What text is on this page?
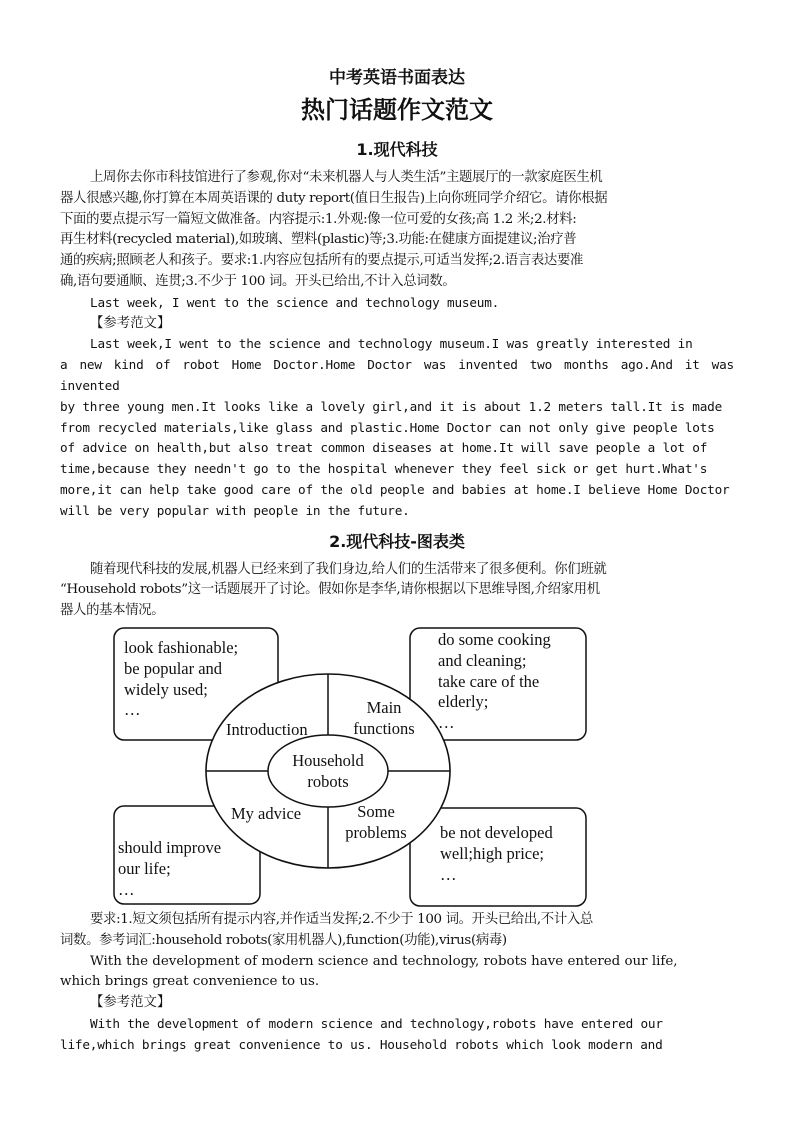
中考英语书面表达

热门话题作文范文

1.现代科技

上周你去你市科技馆进行了参观,你对“未来机器人与人类生活”主题展厅的一款家庭医生机

器人很感兴趣,你打算在本周英语课的 duty report(值日生报告)上向你班同学介绍它。请你根据

下面的要点提示写一篇短文做准备。内容提示:1.外观:像一位可爱的女孩;高 1.2 米;2.材料:

再生材料(recycled material),如玻璃、塑料(plastic)等;3.功能:在健康方面提建议;治疗普

通的疾病;照顾老人和孩子。要求:1.内容应包括所有的要点提示,可适当发挥;2.语言表达要准

确,语句要通顺、连贯;3.不少于 100 词。开头已给出,不计入总词数。

Last week, I went to the science and technology museum.

【参考范文】

Last week,I went to the science and technology museum.I was greatly interested in

a new kind of robot Home Doctor.Home Doctor was invented two months ago.And it was invented

by three young men.It looks like a lovely girl,and it is about 1.2 meters tall.It is made

from recycled materials,like glass and plastic.Home Doctor can not only give people lots

of advice on health,but also treat common diseases at home.It will save people a lot of

time,because they needn't go to the hospital whenever they feel sick or get hurt.What's

more,it can help take good care of the old people and babies at home.I believe Home Doctor

will be very popular with people in the future.

2.现代科技-图表类

随着现代科技的发展,机器人已经来到了我们身边,给人们的生活带来了很多便利。你们班就

“Household robots”这一话题展开了讨论。假如你是李华,请你根据以下思维导图,介绍家用机

器人的基本情况。

look fashionable;
be popular and
widely used;
…
do some cooking
and cleaning;
take care of the
elderly;
…
should improve
our life;
…
be not developed
well;high price;
…
Introduction
Main
functions
My advice	Some
problems
Household
robots

要求:1.短文须包括所有提示内容,并作适当发挥;2.不少于 100 词。开头已给出,不计入总

词数。参考词汇:household robots(家用机器人),function(功能),virus(病毒)

With the development of modern science and technology, robots have entered our life,

which brings great convenience to us.

【参考范文】

With the development of modern science and technology,robots have entered our

life,which brings great convenience to us. Household robots which look modern and
